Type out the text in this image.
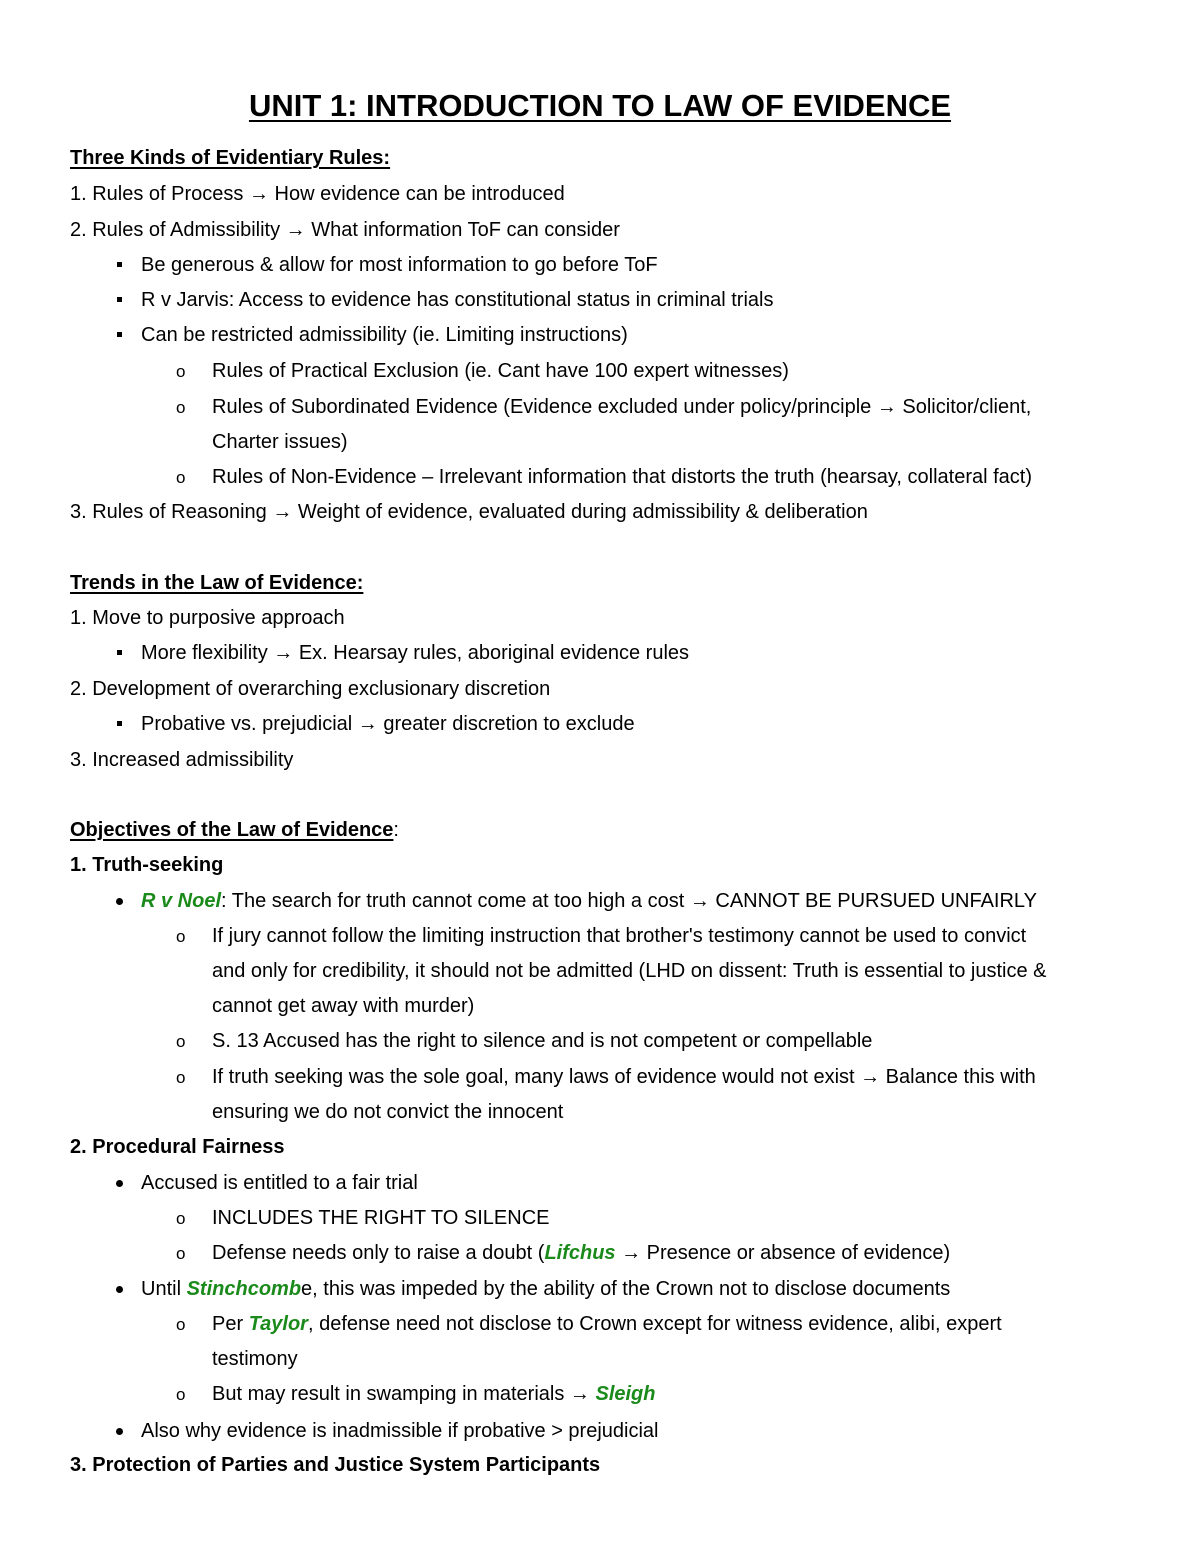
UNIT 1: INTRODUCTION TO LAW OF EVIDENCE
Three Kinds of Evidentiary Rules:
1. Rules of Process → How evidence can be introduced
2. Rules of Admissibility → What information ToF can consider
Be generous & allow for most information to go before ToF
R v Jarvis: Access to evidence has constitutional status in criminal trials
Can be restricted admissibility (ie. Limiting instructions)
o Rules of Practical Exclusion (ie. Cant have 100 expert witnesses)
o Rules of Subordinated Evidence (Evidence excluded under policy/principle → Solicitor/client,
Charter issues)
o Rules of Non-Evidence – Irrelevant information that distorts the truth (hearsay, collateral fact)
3. Rules of Reasoning → Weight of evidence, evaluated during admissibility & deliberation
Trends in the Law of Evidence:
1. Move to purposive approach
More flexibility → Ex. Hearsay rules, aboriginal evidence rules
2. Development of overarching exclusionary discretion
Probative vs. prejudicial → greater discretion to exclude
3. Increased admissibility
Objectives of the Law of Evidence:
1. Truth-seeking
R v Noel: The search for truth cannot come at too high a cost → CANNOT BE PURSUED UNFAIRLY
o If jury cannot follow the limiting instruction that brother's testimony cannot be used to convict
and only for credibility, it should not be admitted (LHD on dissent: Truth is essential to justice &
cannot get away with murder)
o S. 13 Accused has the right to silence and is not competent or compellable
o If truth seeking was the sole goal, many laws of evidence would not exist → Balance this with
ensuring we do not convict the innocent
2. Procedural Fairness
Accused is entitled to a fair trial
o INCLUDES THE RIGHT TO SILENCE
o Defense needs only to raise a doubt (Lifchus → Presence or absence of evidence)
Until Stinchcombe, this was impeded by the ability of the Crown not to disclose documents
o Per Taylor, defense need not disclose to Crown except for witness evidence, alibi, expert
testimony
o But may result in swamping in materials → Sleigh
Also why evidence is inadmissible if probative > prejudicial
3. Protection of Parties and Justice System Participants
